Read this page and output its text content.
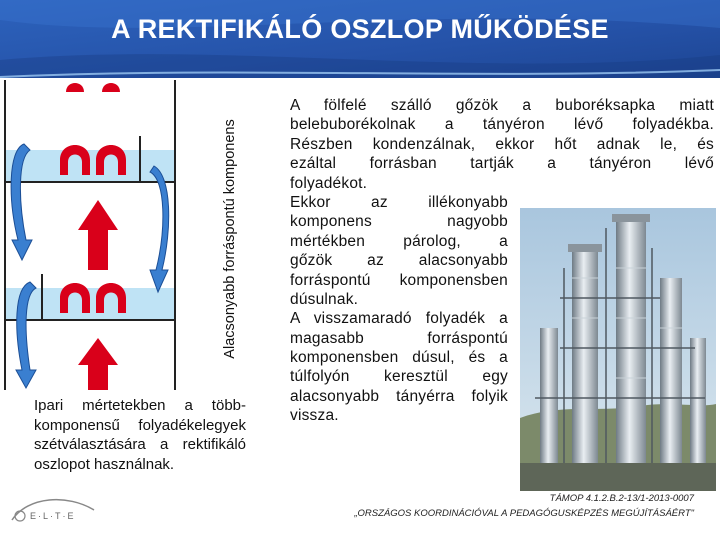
A REKTIFIKÁLÓ OSZLOP MŰKÖDÉSE
Alacsonyabb forráspontú komponens
Ipari mértetekben a több-komponensű folyadékelegyek szétválasztására a rektifikáló oszlopot használnak.
A fölfelé szálló gőzök a buboréksapka miatt
belebuborékolnak a tányéron lévő folyadékba.
Részben kondenzálnak, ekkor hőt adnak le, és
ezáltal forrásban tartják a tányéron lévő
folyadékot.
Ekkor az illékonyabb
komponens nagyobb
mértékben párolog, a
gőzök az alacsonyabb
forráspontú komponensben
dúsulnak.
A visszamaradó folyadék a
magasabb forráspontú
komponensben dúsul, és a
túlfolyón keresztül egy
alacsonyabb tányérra folyik
vissza.
E·L·T·E
TÁMOP 4.1.2.B.2-13/1-2013-0007
„ORSZÁGOS KOORDINÁCIÓVAL A PEDAGÓGUSKÉPZÉS MEGÚJÍTÁSÁÉRT"
